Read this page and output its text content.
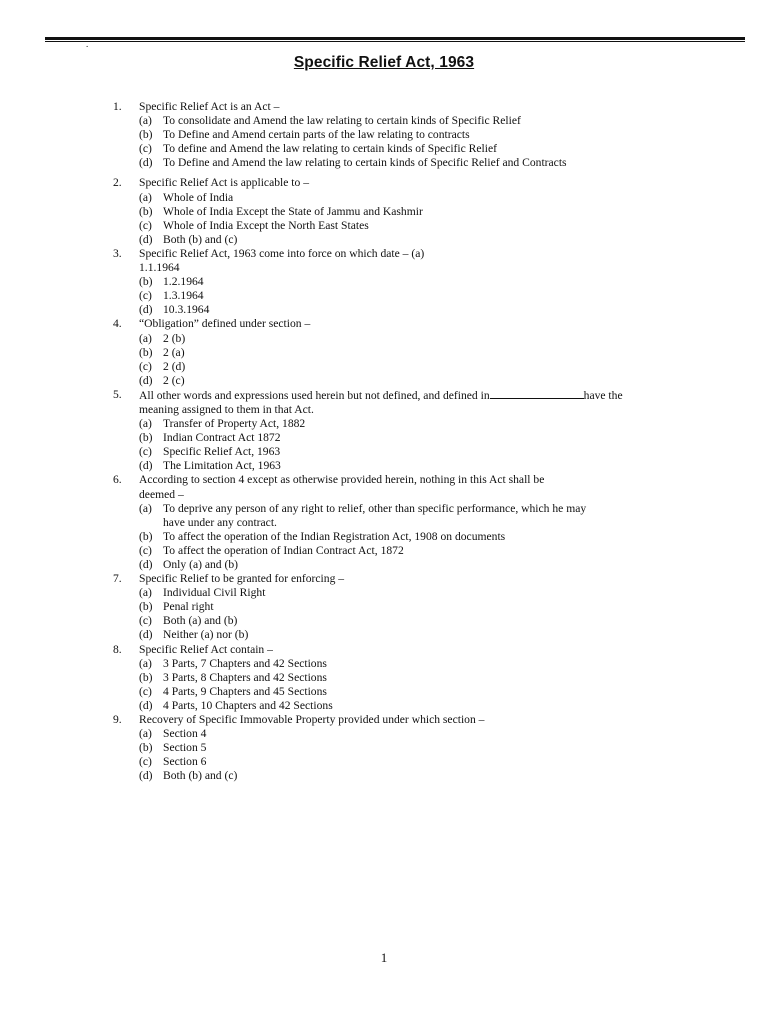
.
Specific Relief Act, 1963
1.	Specific Relief Act is an Act –
(a) To consolidate and Amend the law relating to certain kinds of Specific Relief
(b) To Define and Amend certain parts of the law relating to contracts
(c) To define and Amend the law relating to certain kinds of Specific Relief
(d) To Define and Amend the law relating to certain kinds of Specific Relief and Contracts
2.	Specific Relief Act is applicable to –
(a) Whole of India
(b) Whole of India Except the State of Jammu and Kashmir
(c) Whole of India Except the North East States
(d) Both (b) and (c)
3.	Specific Relief Act, 1963 come into force on which date – (a)
1.1.1964
(b) 1.2.1964
(c) 1.3.1964
(d) 10.3.1964
4.	“Obligation” defined under section –
(a) 2 (b)
(b) 2 (a)
(c) 2 (d)
(d) 2 (c)
5.	All other words and expressions used herein but not defined, and defined in	have the
meaning assigned to them in that Act.
(a) Transfer of Property Act, 1882
(b) Indian Contract Act 1872
(c) Specific Relief Act, 1963
(d) The Limitation Act, 1963
6.	According to section 4 except as otherwise provided herein, nothing in this Act shall be
deemed –
(a) To deprive any person of any right to relief, other than specific performance, which he may
have under any contract.
(b) To affect the operation of the Indian Registration Act, 1908 on documents
(c) To affect the operation of Indian Contract Act, 1872
(d) Only (a) and (b)
7.	Specific Relief to be granted for enforcing –
(a) Individual Civil Right
(b) Penal right
(c) Both (a) and (b)
(d) Neither (a) nor (b)
8.	Specific Relief Act contain –
(a) 3 Parts, 7 Chapters and 42 Sections
(b) 3 Parts, 8 Chapters and 42 Sections
(c) 4 Parts, 9 Chapters and 45 Sections
(d) 4 Parts, 10 Chapters and 42 Sections
9.	Recovery of Specific Immovable Property provided under which section –
(a) Section 4
(b) Section 5
(c) Section 6
(d) Both (b) and (c)
1
